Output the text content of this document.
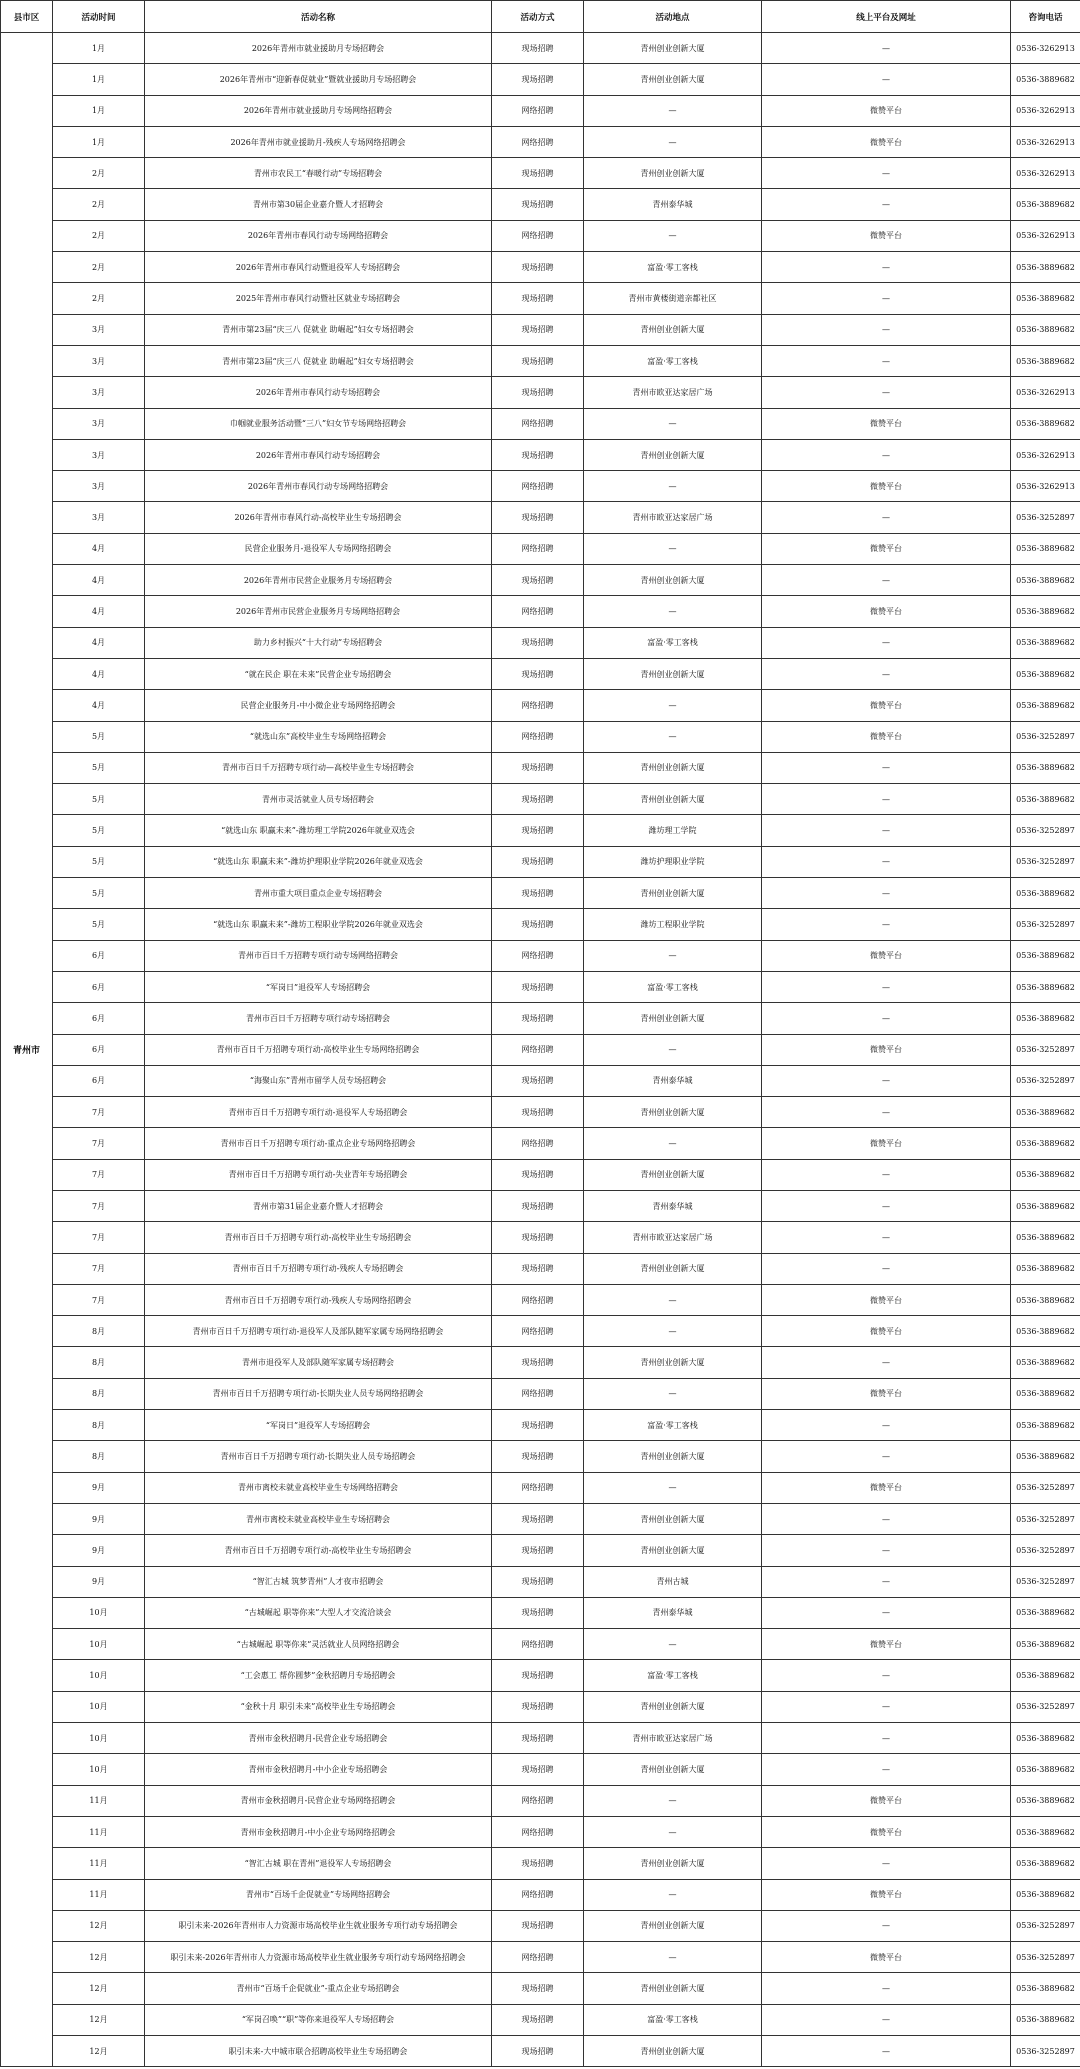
县市区	活动时间	活动名称	活动方式	活动地点	线上平台及网址	咨询电话
青州市	1月	2026年青州市就业援助月专场招聘会	现场招聘	青州创业创新大厦	—	0536-3262913
	1月	2026年青州市“迎新春促就业”暨就业援助月专场招聘会	现场招聘	青州创业创新大厦	—	0536-3889682
	1月	2026年青州市就业援助月专场网络招聘会	网络招聘	—	微赞平台	0536-3262913
	1月	2026年青州市就业援助月-残疾人专场网络招聘会	网络招聘	—	微赞平台	0536-3262913
	2月	青州市农民工“春暖行动”专场招聘会	现场招聘	青州创业创新大厦	—	0536-3262913
	2月	青州市第30届企业嘉介暨人才招聘会	现场招聘	青州泰华城	—	0536-3889682
	2月	2026年青州市春风行动专场网络招聘会	网络招聘	—	微赞平台	0536-3262913
	2月	2026年青州市春风行动暨退役军人专场招聘会	现场招聘	富盈·零工客栈	—	0536-3889682
	2月	2025年青州市春风行动暨社区就业专场招聘会	现场招聘	青州市黄楼街道亲都社区	—	0536-3889682
	3月	青州市第23届“庆三八 促就业 助崛起”妇女专场招聘会	现场招聘	青州创业创新大厦	—	0536-3889682
	3月	青州市第23届“庆三八 促就业 助崛起”妇女专场招聘会	现场招聘	富盈·零工客栈	—	0536-3889682
	3月	2026年青州市春风行动专场招聘会	现场招聘	青州市欧亚达家居广场	—	0536-3262913
	3月	巾帼就业服务活动暨“三八”妇女节专场网络招聘会	网络招聘	—	微赞平台	0536-3889682
	3月	2026年青州市春风行动专场招聘会	现场招聘	青州创业创新大厦	—	0536-3262913
	3月	2026年青州市春风行动专场网络招聘会	网络招聘	—	微赞平台	0536-3262913
	3月	2026年青州市春风行动-高校毕业生专场招聘会	现场招聘	青州市欧亚达家居广场	—	0536-3252897
	4月	民营企业服务月-退役军人专场网络招聘会	网络招聘	—	微赞平台	0536-3889682
	4月	2026年青州市民营企业服务月专场招聘会	现场招聘	青州创业创新大厦	—	0536-3889682
	4月	2026年青州市民营企业服务月专场网络招聘会	网络招聘	—	微赞平台	0536-3889682
	4月	助力乡村振兴“十大行动”专场招聘会	现场招聘	富盈·零工客栈	—	0536-3889682
	4月	“就在民企 职在未来”民营企业专场招聘会	现场招聘	青州创业创新大厦	—	0536-3889682
	4月	民营企业服务月-中小微企业专场网络招聘会	网络招聘	—	微赞平台	0536-3889682
	5月	“就选山东”高校毕业生专场网络招聘会	网络招聘	—	微赞平台	0536-3252897
	5月	青州市百日千万招聘专项行动—高校毕业生专场招聘会	现场招聘	青州创业创新大厦	—	0536-3889682
	5月	青州市灵活就业人员专场招聘会	现场招聘	青州创业创新大厦	—	0536-3889682
	5月	“就选山东 职赢未来”-潍坊理工学院2026年就业双选会	现场招聘	潍坊理工学院	—	0536-3252897
	5月	“就选山东 职赢未来”-潍坊护理职业学院2026年就业双选会	现场招聘	潍坊护理职业学院	—	0536-3252897
	5月	青州市重大项目重点企业专场招聘会	现场招聘	青州创业创新大厦	—	0536-3889682
	5月	“就选山东 职赢未来”-潍坊工程职业学院2026年就业双选会	现场招聘	潍坊工程职业学院	—	0536-3252897
	6月	青州市百日千万招聘专项行动专场网络招聘会	网络招聘	—	微赞平台	0536-3889682
	6月	“军岗日”退役军人专场招聘会	现场招聘	富盈·零工客栈	—	0536-3889682
	6月	青州市百日千万招聘专项行动专场招聘会	现场招聘	青州创业创新大厦	—	0536-3889682
	6月	青州市百日千万招聘专项行动-高校毕业生专场网络招聘会	网络招聘	—	微赞平台	0536-3252897
	6月	“海聚山东”青州市留学人员专场招聘会	现场招聘	青州泰华城	—	0536-3252897
	7月	青州市百日千万招聘专项行动-退役军人专场招聘会	现场招聘	青州创业创新大厦	—	0536-3889682
	7月	青州市百日千万招聘专项行动-重点企业专场网络招聘会	网络招聘	—	微赞平台	0536-3889682
	7月	青州市百日千万招聘专项行动-失业青年专场招聘会	现场招聘	青州创业创新大厦	—	0536-3889682
	7月	青州市第31届企业嘉介暨人才招聘会	现场招聘	青州泰华城	—	0536-3889682
	7月	青州市百日千万招聘专项行动-高校毕业生专场招聘会	现场招聘	青州市欧亚达家居广场	—	0536-3889682
	7月	青州市百日千万招聘专项行动-残疾人专场招聘会	现场招聘	青州创业创新大厦	—	0536-3889682
	7月	青州市百日千万招聘专项行动-残疾人专场网络招聘会	网络招聘	—	微赞平台	0536-3889682
	8月	青州市百日千万招聘专项行动-退役军人及部队随军家属专场网络招聘会	网络招聘	—	微赞平台	0536-3889682
	8月	青州市退役军人及部队随军家属专场招聘会	现场招聘	青州创业创新大厦	—	0536-3889682
	8月	青州市百日千万招聘专项行动-长期失业人员专场网络招聘会	网络招聘	—	微赞平台	0536-3889682
	8月	“军岗日”退役军人专场招聘会	现场招聘	富盈·零工客栈	—	0536-3889682
	8月	青州市百日千万招聘专项行动-长期失业人员专场招聘会	现场招聘	青州创业创新大厦	—	0536-3889682
	9月	青州市离校未就业高校毕业生专场网络招聘会	网络招聘	—	微赞平台	0536-3252897
	9月	青州市离校未就业高校毕业生专场招聘会	现场招聘	青州创业创新大厦	—	0536-3252897
	9月	青州市百日千万招聘专项行动-高校毕业生专场招聘会	现场招聘	青州创业创新大厦	—	0536-3252897
	9月	“智汇古城 筑梦青州”人才夜市招聘会	现场招聘	青州古城	—	0536-3252897
	10月	“古城崛起 职等你来”大型人才交流洽谈会	现场招聘	青州泰华城	—	0536-3889682
	10月	“古城崛起 职等你来”灵活就业人员网络招聘会	网络招聘	—	微赞平台	0536-3889682
	10月	“工会惠工 帮你圆梦”金秋招聘月专场招聘会	现场招聘	富盈·零工客栈	—	0536-3889682
	10月	“金秋十月 职引未来”高校毕业生专场招聘会	现场招聘	青州创业创新大厦	—	0536-3252897
	10月	青州市金秋招聘月-民营企业专场招聘会	现场招聘	青州市欧亚达家居广场	—	0536-3889682
	10月	青州市金秋招聘月-中小企业专场招聘会	现场招聘	青州创业创新大厦	—	0536-3889682
	11月	青州市金秋招聘月-民营企业专场网络招聘会	网络招聘	—	微赞平台	0536-3889682
	11月	青州市金秋招聘月-中小企业专场网络招聘会	网络招聘	—	微赞平台	0536-3889682
	11月	“智汇古城 职在青州”退役军人专场招聘会	现场招聘	青州创业创新大厦	—	0536-3889682
	11月	青州市“百场千企促就业”专场网络招聘会	网络招聘	—	微赞平台	0536-3889682
	12月	职引未来-2026年青州市人力资源市场高校毕业生就业服务专项行动专场招聘会	现场招聘	青州创业创新大厦	—	0536-3252897
	12月	职引未来-2026年青州市人力资源市场高校毕业生就业服务专项行动专场网络招聘会	网络招聘	—	微赞平台	0536-3252897
	12月	青州市“百场千企促就业”-重点企业专场招聘会	现场招聘	青州创业创新大厦	—	0536-3889682
	12月	“军岗召唤”“职”等你来退役军人专场招聘会	现场招聘	富盈·零工客栈	—	0536-3889682
	12月	职引未来-大中城市联合招聘高校毕业生专场招聘会	现场招聘	青州创业创新大厦	—	0536-3252897
